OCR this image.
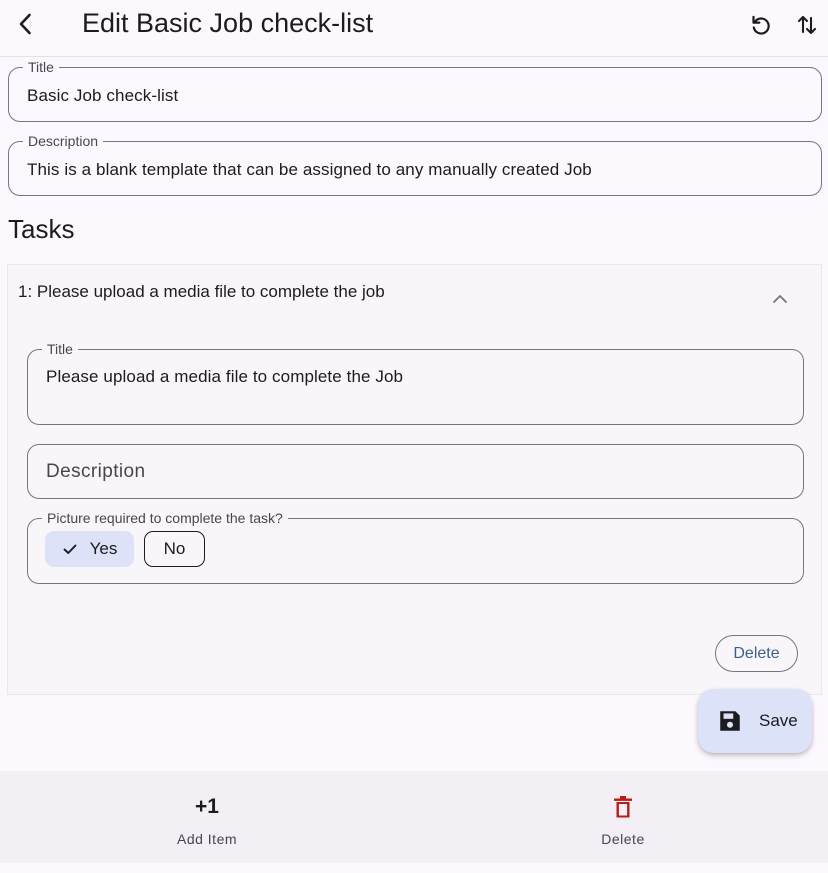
Edit Basic Job check-list
Title
Basic Job check-list
Description
This is a blank template that can be assigned to any manually created Job
Tasks
1: Please upload a media file to complete the job
Title
Please upload a media file to complete the Job
Description
Picture required to complete the task?
Yes	No
Delete
Save
+1
Add Item	Delete
